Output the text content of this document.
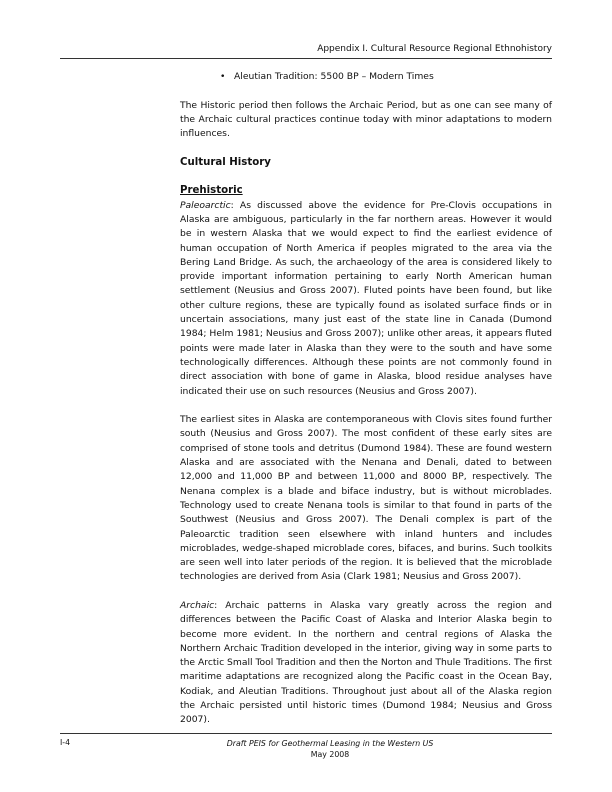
Appendix I. Cultural Resource Regional Ethnohistory
• Aleutian Tradition: 5500 BP – Modern Times

The Historic period then follows the Archaic Period, but as one can see many of the Archaic cultural practices continue today with minor adaptations to modern influences.

Cultural History
Prehistoric

Paleoarctic: As discussed above the evidence for Pre-Clovis occupations in Alaska are ambiguous, particularly in the far northern areas. However it would be in western Alaska that we would expect to find the earliest evidence of human occupation of North America if peoples migrated to the area via the Bering Land Bridge. As such, the archaeology of the area is considered likely to provide important information pertaining to early North American human settlement (Neusius and Gross 2007). Fluted points have been found, but like other culture regions, these are typically found as isolated surface finds or in uncertain associations, many just east of the state line in Canada (Dumond 1984; Helm 1981; Neusius and Gross 2007); unlike other areas, it appears fluted points were made later in Alaska than they were to the south and have some technologically differences. Although these points are not commonly found in direct association with bone of game in Alaska, blood residue analyses have indicated their use on such resources (Neusius and Gross 2007).

The earliest sites in Alaska are contemporaneous with Clovis sites found further south (Neusius and Gross 2007). The most confident of these early sites are comprised of stone tools and detritus (Dumond 1984). These are found western Alaska and are associated with the Nenana and Denali, dated to between 12,000 and 11,000 BP and between 11,000 and 8000 BP, respectively. The Nenana complex is a blade and biface industry, but is without microblades. Technology used to create Nenana tools is similar to that found in parts of the Southwest (Neusius and Gross 2007). The Denali complex is part of the Paleoarctic tradition seen elsewhere with inland hunters and includes microblades, wedge-shaped microblade cores, bifaces, and burins. Such toolkits are seen well into later periods of the region. It is believed that the microblade technologies are derived from Asia (Clark 1981; Neusius and Gross 2007).

Archaic: Archaic patterns in Alaska vary greatly across the region and differences between the Pacific Coast of Alaska and Interior Alaska begin to become more evident. In the northern and central regions of Alaska the Northern Archaic Tradition developed in the interior, giving way in some parts to the Arctic Small Tool Tradition and then the Norton and Thule Traditions. The first maritime adaptations are recognized along the Pacific coast in the Ocean Bay, Kodiak, and Aleutian Traditions. Throughout just about all of the Alaska region the Archaic persisted until historic times (Dumond 1984; Neusius and Gross 2007).

I-4	Draft PEIS for Geothermal Leasing in the Western US
May 2008
